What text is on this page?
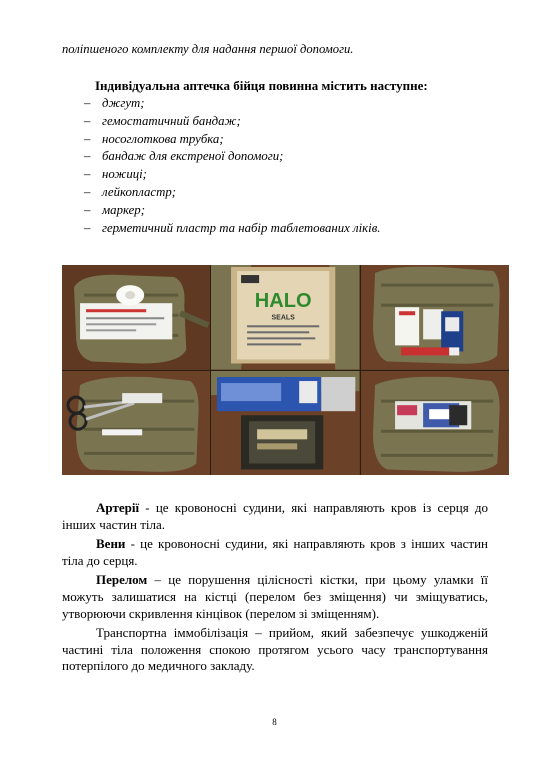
поліпшеного комплекту для надання першої допомоги.
Індивідуальна аптечка бійця повинна містить наступне:
– джгут;
– гемостатичний бандаж;
– носоглоткова трубка;
– бандаж для екстреної допомоги;
– ножиці;
– лейкопластр;
– маркер;
– герметичний пластр та набір таблетованих ліків.
HALO
SEALS

Артерії - це кровоносні судини, які направляють кров із серця до інших частин тіла.

Вени - це кровоносні судини, які направляють кров з інших частин тіла до серця.

Перелом – це порушення цілісності кістки, при цьому уламки її можуть залишатися на кістці (перелом без зміщення) чи зміщуватись, утворюючи скривлення кінцівок (перелом зі зміщенням).

Транспортна іммобілізація – прийом, який забезпечує ушкодженій частині тіла положення спокою протягом усього часу транспортування потерпілого до медичного закладу.

8
